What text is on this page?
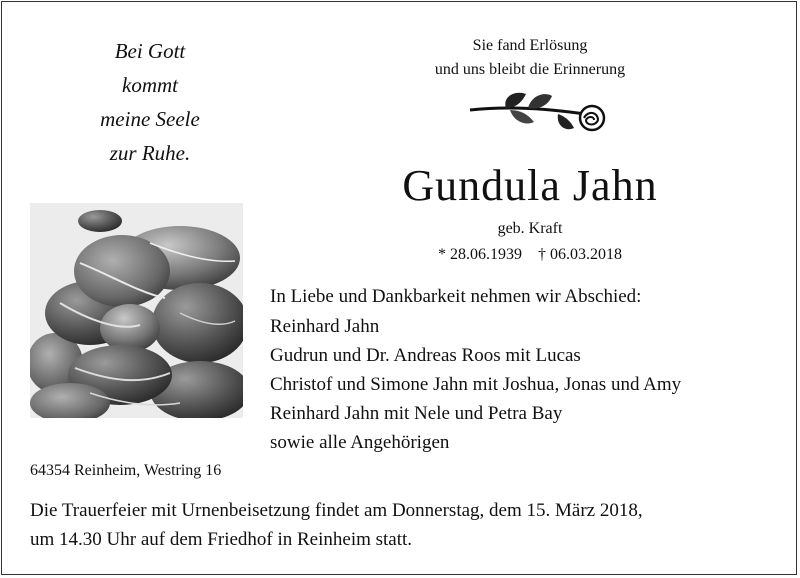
Bei Gott
kommt
meine Seele
zur Ruhe.
Sie fand Erlösung
und uns bleibt die Erinnerung
Gundula Jahn
geb. Kraft
* 28.06.1939 † 06.03.2018
In Liebe und Dankbarkeit nehmen wir Abschied:
Reinhard Jahn
Gudrun und Dr. Andreas Roos mit Lucas
Christof und Simone Jahn mit Joshua, Jonas und Amy
Reinhard Jahn mit Nele und Petra Bay
sowie alle Angehörigen
64354 Reinheim, Westring 16
Die Trauerfeier mit Urnenbeisetzung findet am Donnerstag, dem 15. März 2018,
um 14.30 Uhr auf dem Friedhof in Reinheim statt.
